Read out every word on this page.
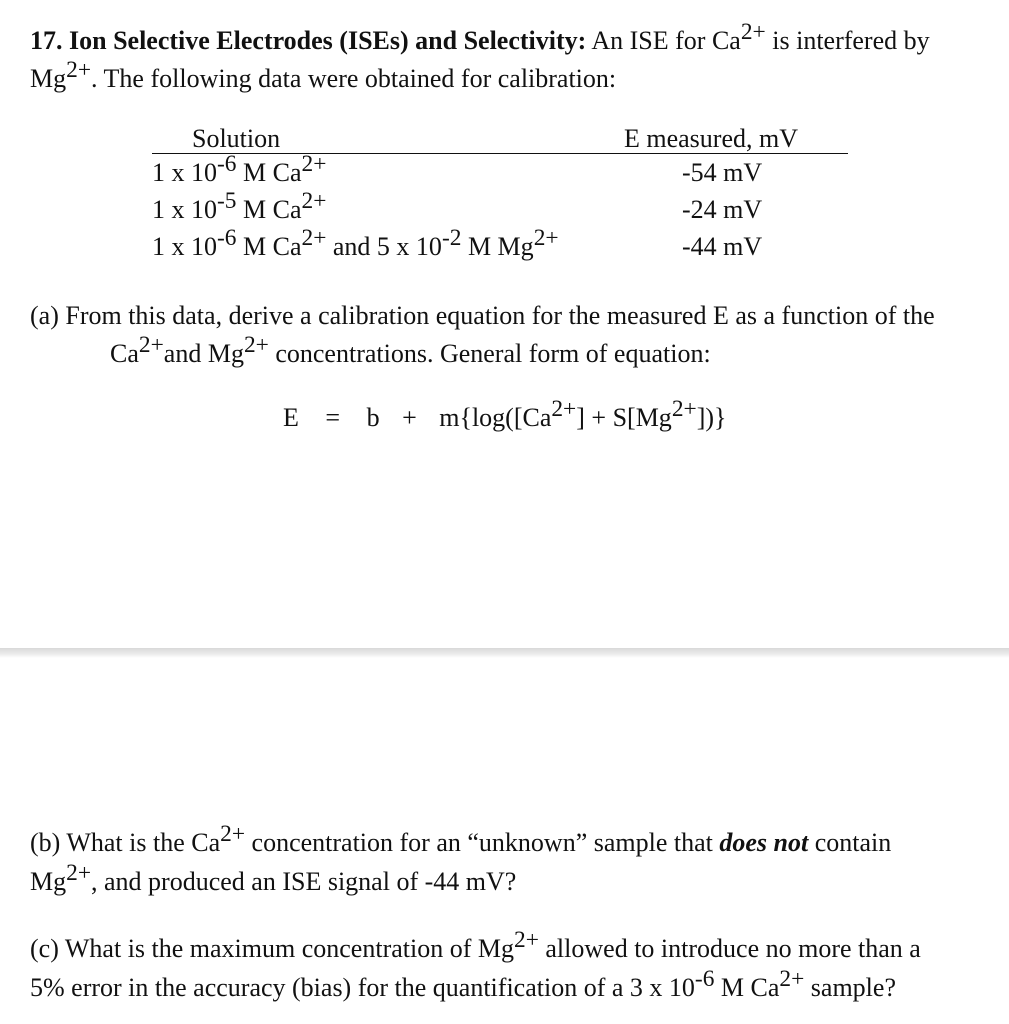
17. Ion Selective Electrodes (ISEs) and Selectivity: An ISE for $Ca^{2+}$ is interfered by
$Mg^{2+}$. The following data were obtained for calibration:
Solution	E measured, mV
1 x $10^{-6}$ M $Ca^{2+}$	-54 mV
1 x $10^{-5}$ M $Ca^{2+}$	-24 mV
1 x $10^{-6}$ M $Ca^{2+}$ and 5 x $10^{-2}$ M $Mg^{2+}$	-44 mV
(a) From this data, derive a calibration equation for the measured E as a function of the
$Ca^{2+}and$ $Mg^{2+}$ concentrations. General form of equation:
$E = b + m\{\log([Ca^{2+}] + S[Mg^{2+}])\}$
(b) What is the $Ca^{2+}$ concentration for an “unknown” sample that does not contain
$Mg^{2+}$, and produced an ISE signal of -44 mV?
(c) What is the maximum concentration of $Mg^{2+}$ allowed to introduce no more than a
5% error in the accuracy (bias) for the quantification of a 3 x $10^{-6}$ M $Ca^{2+}$ sample?
